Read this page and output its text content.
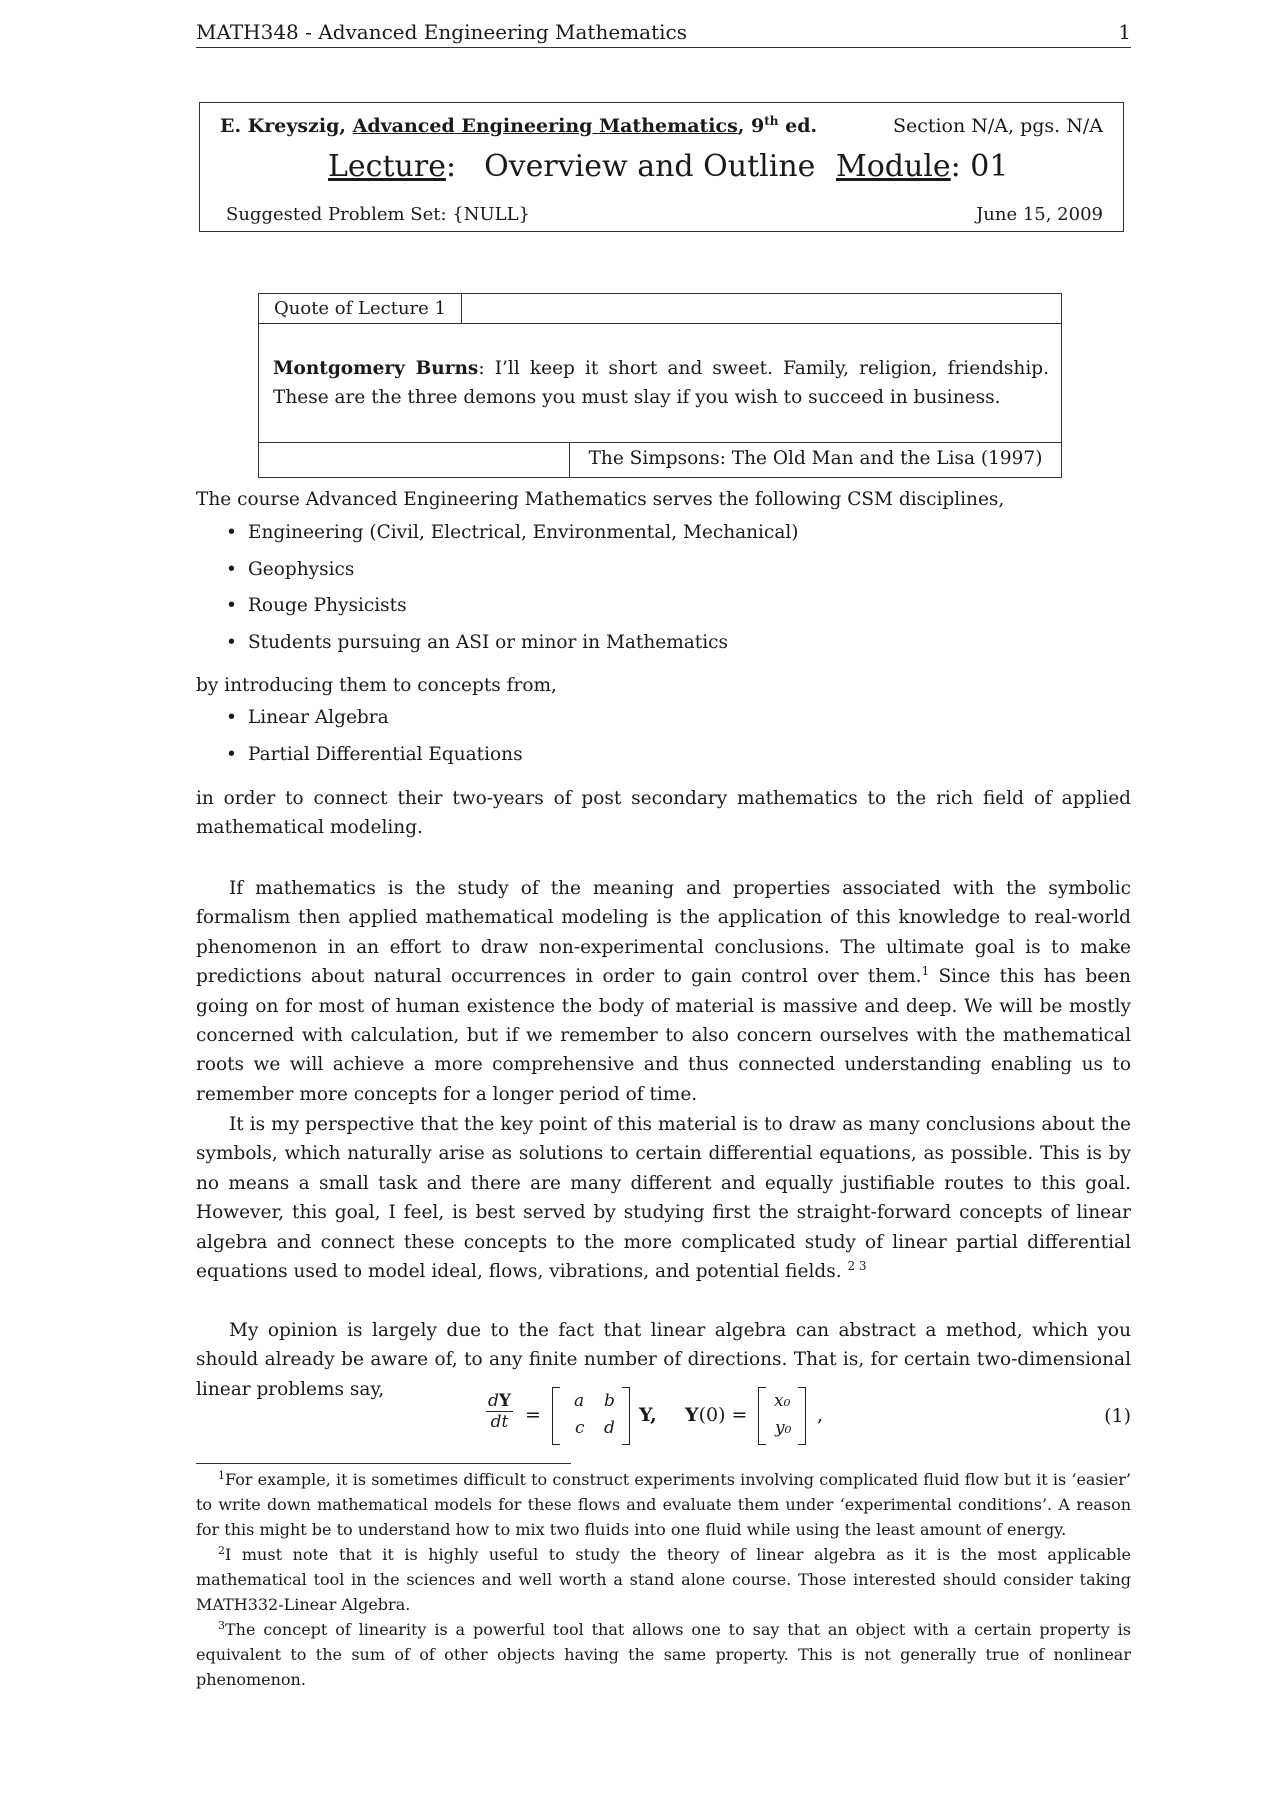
MATH348 - Advanced Engineering Mathematics	1
E. Kreyszig, Advanced Engineering Mathematics, 9th ed.	Section N/A, pgs. N/A
Lecture: Overview and Outline Module: 01
Suggested Problem Set: {NULL}	June 15, 2009
Quote of Lecture 1
Montgomery Burns: I’ll keep it short and sweet. Family, religion, friendship. These are the three demons you must slay if you wish to succeed in business.
The Simpsons: The Old Man and the Lisa (1997)

The course Advanced Engineering Mathematics serves the following CSM disciplines,

• Engineering (Civil, Electrical, Environmental, Mechanical)
• Geophysics
• Rouge Physicists
• Students pursuing an ASI or minor in Mathematics

by introducing them to concepts from,

• Linear Algebra
• Partial Differential Equations

in order to connect their two-years of post secondary mathematics to the rich field of applied mathematical modeling.

If mathematics is the study of the meaning and properties associated with the symbolic formalism then applied mathematical modeling is the application of this knowledge to real-world phenomenon in an effort to draw non-experimental conclusions. The ultimate goal is to make predictions about natural occurrences in order to gain control over them.$^1$ Since this has been going on for most of human existence the body of material is massive and deep. We will be mostly concerned with calculation, but if we remember to also concern ourselves with the mathematical roots we will achieve a more comprehensive and thus connected understanding enabling us to remember more concepts for a longer period of time.

It is my perspective that the key point of this material is to draw as many conclusions about the symbols, which naturally arise as solutions to certain differential equations, as possible. This is by no means a small task and there are many different and equally justifiable routes to this goal. However, this goal, I feel, is best served by studying first the straight-forward concepts of linear algebra and connect these concepts to the more complicated study of linear partial differential equations used to model ideal, flows, vibrations, and potential fields. $^{2 3}$

My opinion is largely due to the fact that linear algebra can abstract a method, which you should already be aware of, to any finite number of directions. That is, for certain two-dimensional linear problems say,

$\frac{dY}{dt}$ =
a b
c d
Y, Y(0) =
x₀
y₀
,	(1)

$^1$For example, it is sometimes difficult to construct experiments involving complicated fluid flow but it is ‘easier’ to write down mathematical models for these flows and evaluate them under ‘experimental conditions’. A reason for this might be to understand how to mix two fluids into one fluid while using the least amount of energy.

$^2$I must note that it is highly useful to study the theory of linear algebra as it is the most applicable mathematical tool in the sciences and well worth a stand alone course. Those interested should consider taking MATH332-Linear Algebra.

$^3$The concept of linearity is a powerful tool that allows one to say that an object with a certain property is equivalent to the sum of of other objects having the same property. This is not generally true of nonlinear phenomenon.
